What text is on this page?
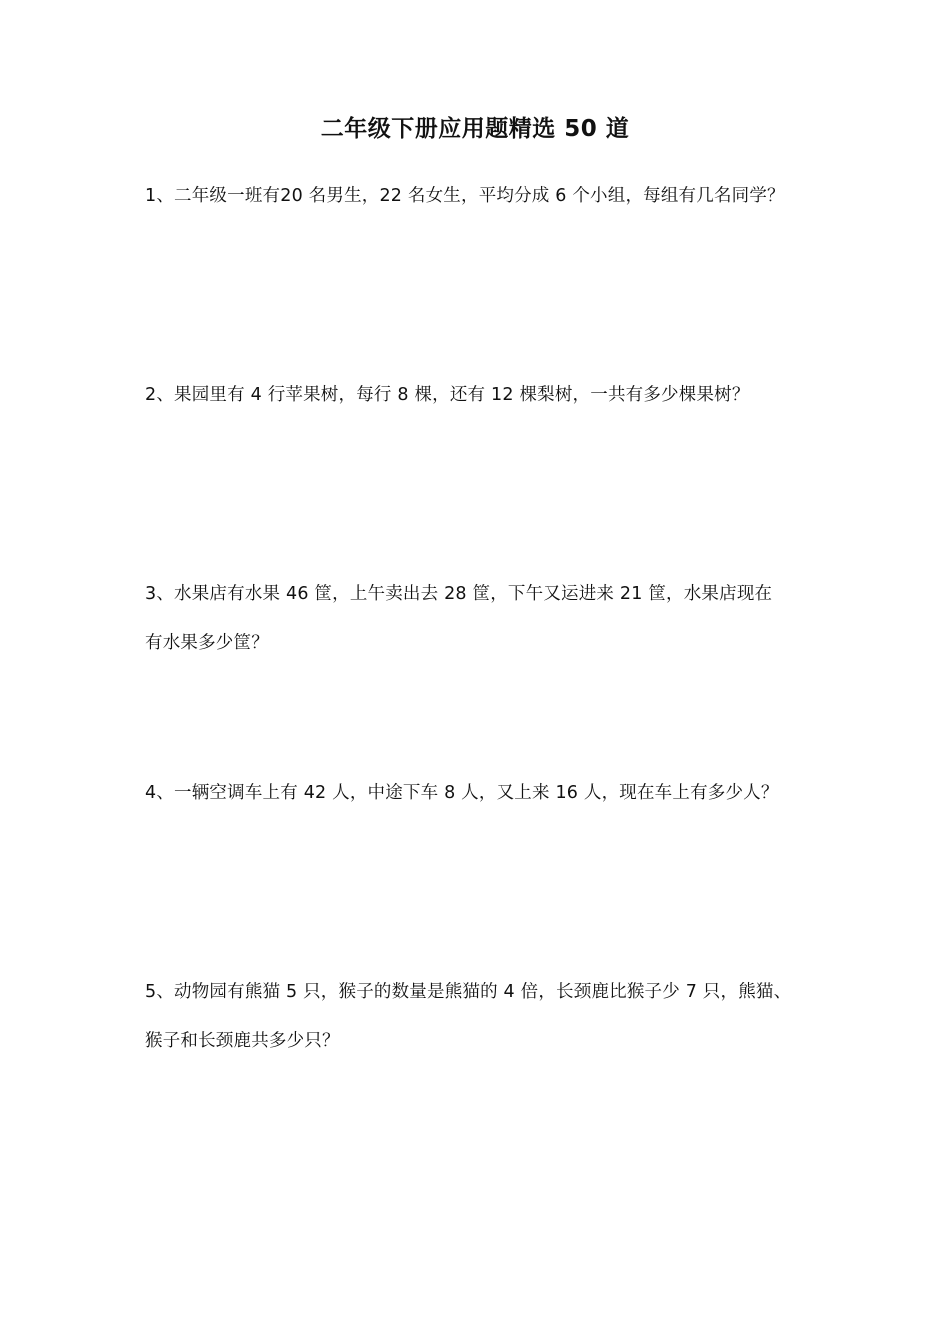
二年级下册应用题精选 50 道
1、二年级一班有20 名男生，22 名女生，平均分成 6 个小组，每组有几名同学？
2、果园里有 4 行苹果树，每行 8 棵，还有 12 棵梨树，一共有多少棵果树？
3、水果店有水果 46 筐，上午卖出去 28 筐，下午又运进来 21 筐，水果店现在
有水果多少筐？
4、一辆空调车上有 42 人，中途下车 8 人，又上来 16 人，现在车上有多少人？
5、动物园有熊猫 5 只，猴子的数量是熊猫的 4 倍，长颈鹿比猴子少 7 只，熊猫、
猴子和长颈鹿共多少只？
